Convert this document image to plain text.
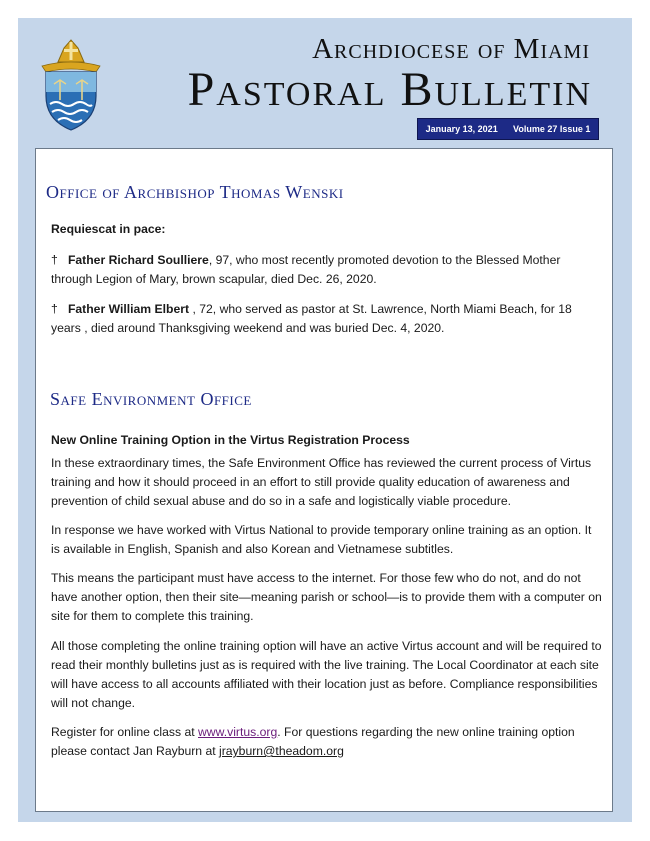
Archdiocese of Miami
Pastoral Bulletin
January 13, 2021 Volume 27 Issue 1
Office of Archbishop Thomas Wenski
Requiescat in pace:
† Father Richard Soulliere, 97, who most recently promoted devotion to the Blessed Mother through Legion of Mary, brown scapular, died Dec. 26, 2020.
† Father William Elbert , 72, who served as pastor at St. Lawrence, North Miami Beach, for 18 years , died around Thanksgiving weekend and was buried Dec. 4, 2020.
Safe Environment Office
New Online Training Option in the Virtus Registration Process
In these extraordinary times, the Safe Environment Office has reviewed the current process of Virtus training and how it should proceed in an effort to still provide quality education of awareness and prevention of child sexual abuse and do so in a safe and logistically viable procedure.
In response we have worked with Virtus National to provide temporary online training as an option. It is available in English, Spanish and also Korean and Vietnamese subtitles.
This means the participant must have access to the internet. For those few who do not, and do not have another option, then their site—meaning parish or school—is to provide them with a computer on site for them to complete this training.
All those completing the online training option will have an active Virtus account and will be required to read their monthly bulletins just as is required with the live training. The Local Coordinator at each site will have access to all accounts affiliated with their location just as before. Compliance responsibilities will not change.
Register for online class at www.virtus.org. For questions regarding the new online training option please contact Jan Rayburn at jrayburn@theadom.org
